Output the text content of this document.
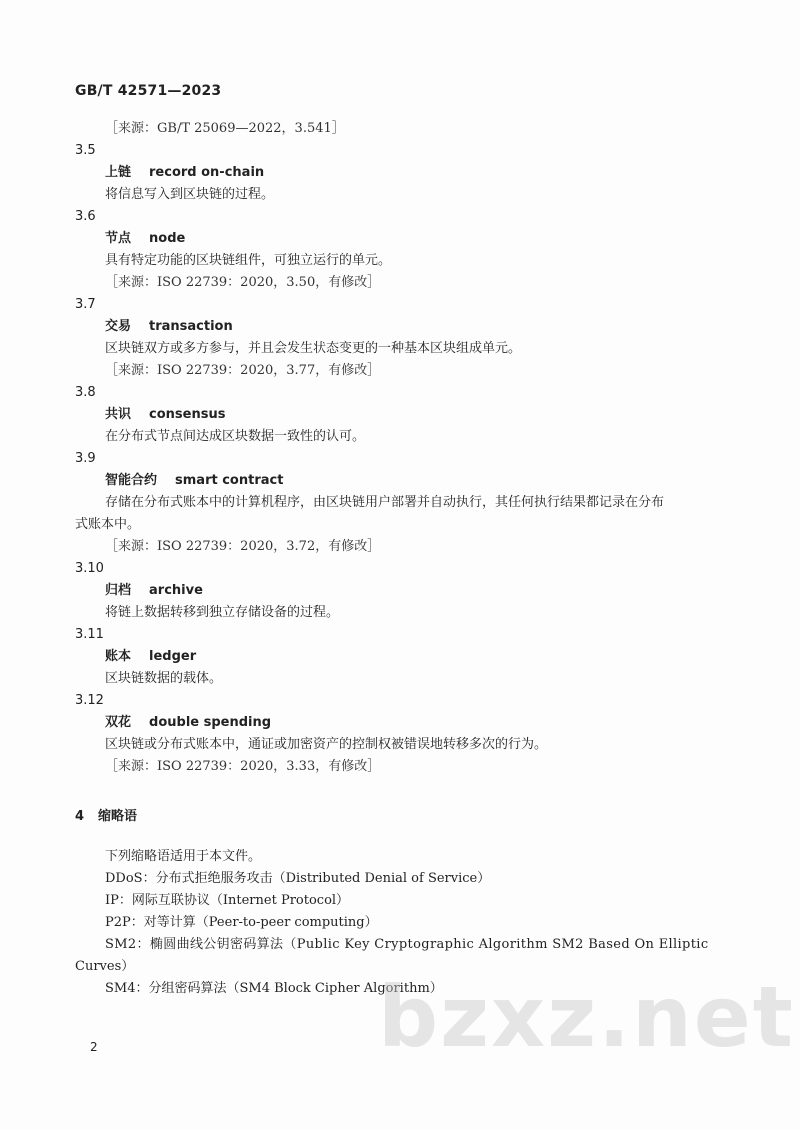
GB/T 42571—2023
［来源：GB/T 25069—2022，3.541］
3.5
上链 record on-chain
将信息写入到区块链的过程。
3.6
节点 node
具有特定功能的区块链组件，可独立运行的单元。
［来源：ISO 22739：2020，3.50，有修改］
3.7
交易 transaction
区块链双方或多方参与，并且会发生状态变更的一种基本区块组成单元。
［来源：ISO 22739：2020，3.77，有修改］
3.8
共识 consensus
在分布式节点间达成区块数据一致性的认可。
3.9
智能合约 smart contract
存储在分布式账本中的计算机程序，由区块链用户部署并自动执行，其任何执行结果都记录在分布
式账本中。
［来源：ISO 22739：2020，3.72，有修改］
3.10
归档 archive
将链上数据转移到独立存储设备的过程。
3.11
账本 ledger
区块链数据的载体。
3.12
双花 double spending
区块链或分布式账本中，通证或加密资产的控制权被错误地转移多次的行为。
［来源：ISO 22739：2020，3.33，有修改］
4 缩略语
下列缩略语适用于本文件。
DDoS：分布式拒绝服务攻击（Distributed Denial of Service）
IP：网际互联协议（Internet Protocol）
P2P：对等计算（Peer-to-peer computing）
SM2：椭圆曲线公钥密码算法（Public Key Cryptographic Algorithm SM2 Based On Elliptic
Curves）
SM4：分组密码算法（SM4 Block Cipher Algorithm）
2	bzxz.net
